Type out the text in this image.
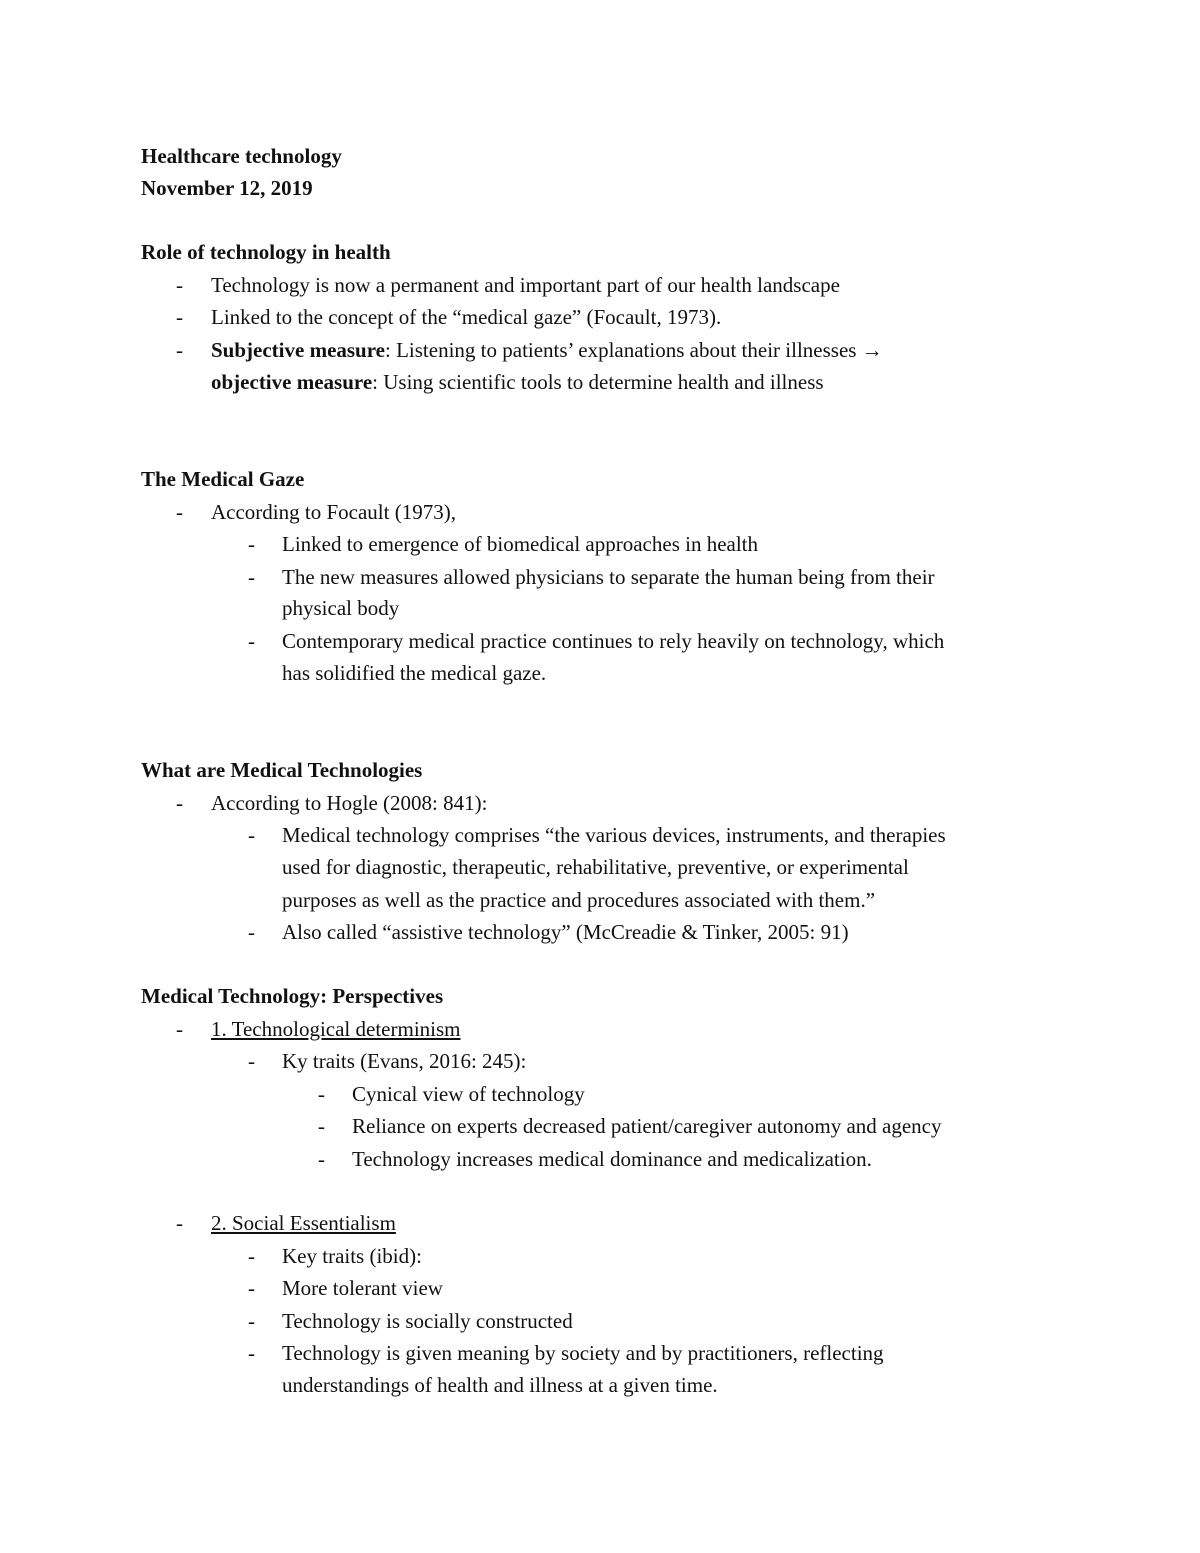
Healthcare technology
November 12, 2019
Role of technology in health
- Technology is now a permanent and important part of our health landscape
- Linked to the concept of the “medical gaze” (Focault, 1973).
- Subjective measure: Listening to patients’ explanations about their illnesses →
objective measure: Using scientific tools to determine health and illness
The Medical Gaze
- According to Focault (1973),
- Linked to emergence of biomedical approaches in health
- The new measures allowed physicians to separate the human being from their
physical body
- Contemporary medical practice continues to rely heavily on technology, which
has solidified the medical gaze.
What are Medical Technologies
- According to Hogle (2008: 841):
- Medical technology comprises “the various devices, instruments, and therapies
used for diagnostic, therapeutic, rehabilitative, preventive, or experimental
purposes as well as the practice and procedures associated with them.”
- Also called “assistive technology” (McCreadie & Tinker, 2005: 91)
Medical Technology: Perspectives
- 1. Technological determinism
- Ky traits (Evans, 2016: 245):
- Cynical view of technology
- Reliance on experts decreased patient/caregiver autonomy and agency
- Technology increases medical dominance and medicalization.
- 2. Social Essentialism
- Key traits (ibid):
- More tolerant view
- Technology is socially constructed
- Technology is given meaning by society and by practitioners, reflecting
understandings of health and illness at a given time.
